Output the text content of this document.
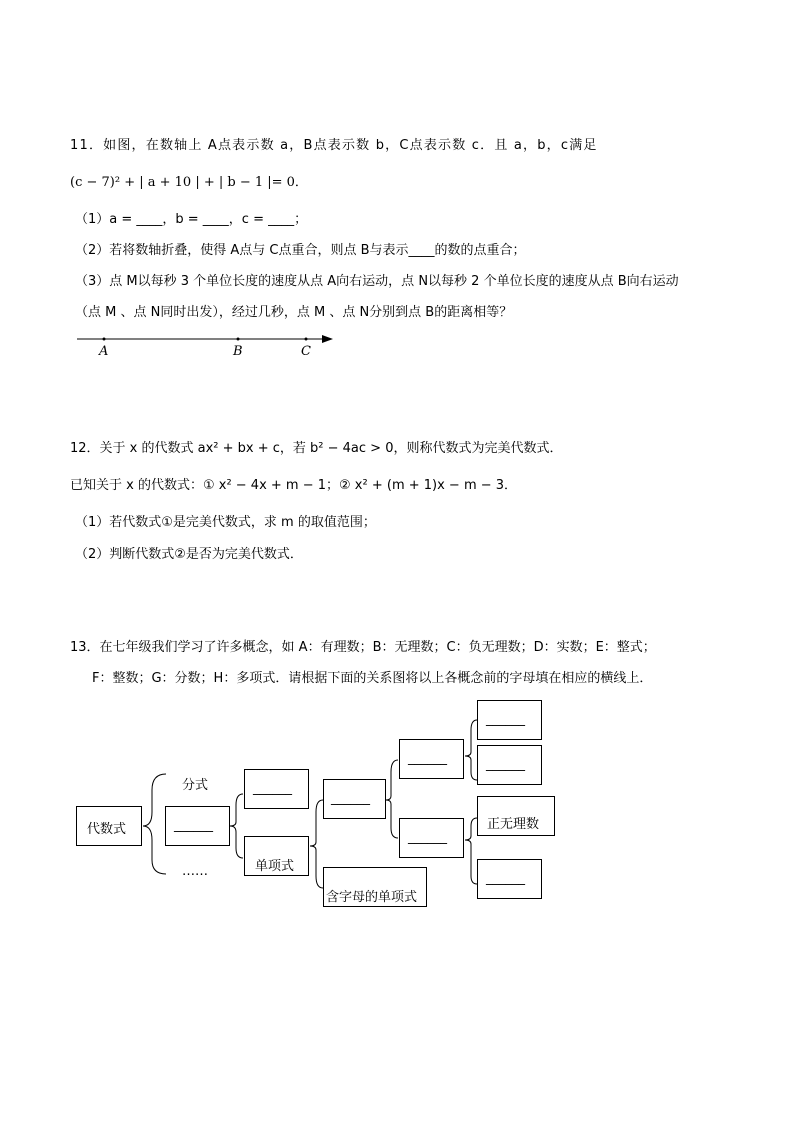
11．如图，在数轴上 A点表示数 a，B点表示数 b，C点表示数 c．且 a，b，c满足
(c − 7)² + | a + 10 | + | b − 1 |= 0．
（1）a = ____，b = ____，c = ____；
（2）若将数轴折叠，使得 A点与 C点重合，则点 B与表示____的数的点重合；
（3）点 M以每秒 3 个单位长度的速度从点 A向右运动，点 N以每秒 2 个单位长度的速度从点 B向右运动
（点 M 、点 N同时出发），经过几秒，点 M 、点 N分别到点 B的距离相等？
A	B	C
12．关于 x 的代数式 ax² + bx + c，若 b² − 4ac > 0，则称代数式为完美代数式．
已知关于 x 的代数式：① x² − 4x + m − 1；② x² + (m + 1)x − m − 3．
（1）若代数式①是完美代数式，求 m 的取值范围；
（2）判断代数式②是否为完美代数式．
13．在七年级我们学习了许多概念，如 A：有理数；B：无理数；C：负无理数；D：实数；E：整式；
F：整数；G：分数；H：多项式．请根据下面的关系图将以上各概念前的字母填在相应的横线上．
代数式
分式
……
______
______
单项式
______
含字母的单项式
______
______
______
______
正无理数
______
